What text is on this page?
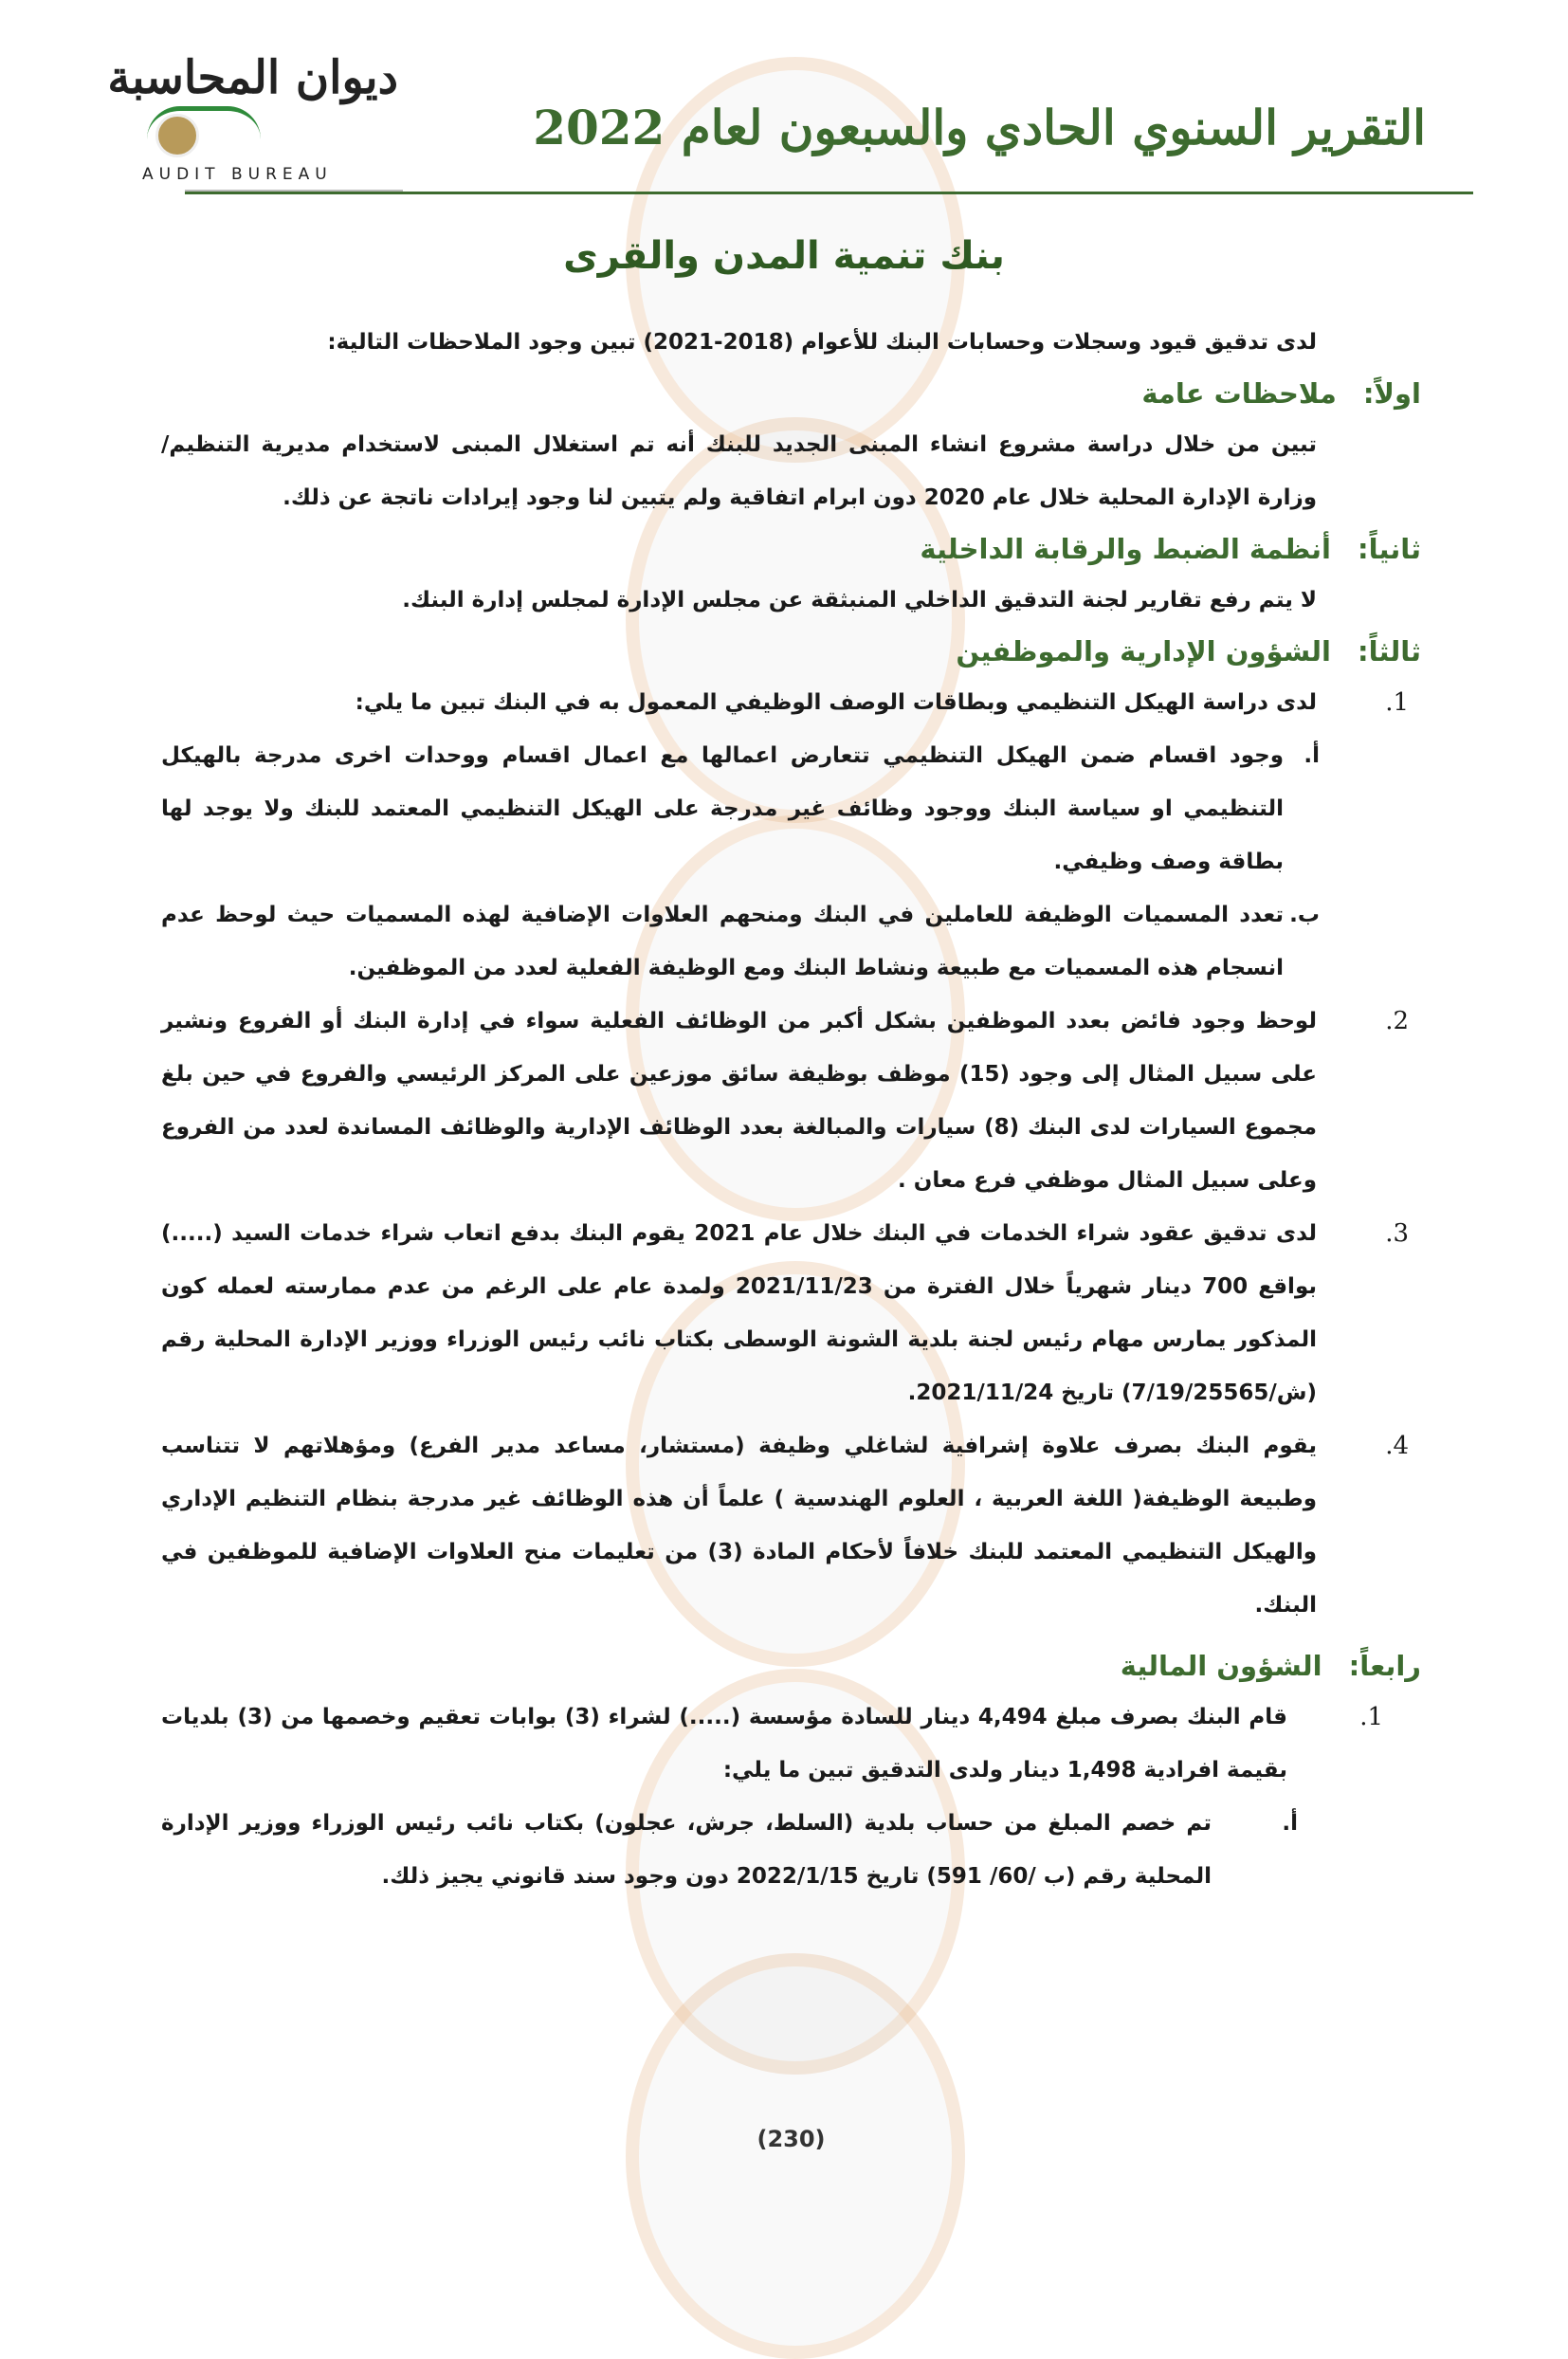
ديوان المحاسبة
AUDIT BUREAU
التقرير السنوي الحادي والسبعون لعام 2022
بنك تنمية المدن والقرى

لدى تدقيق قيود وسجلات وحسابات البنك للأعوام (2018-2021) تبين وجود الملاحظات التالية:

اولاً:ملاحظات عامة

تبين من خلال دراسة مشروع انشاء المبنى الجديد للبنك أنه تم استغلال المبنى لاستخدام مديرية التنظيم/ وزارة الإدارة المحلية خلال عام 2020 دون ابرام اتفاقية ولم يتبين لنا وجود إيرادات ناتجة عن ذلك.

ثانياً:أنظمة الضبط والرقابة الداخلية

لا يتم رفع تقارير لجنة التدقيق الداخلي المنبثقة عن مجلس الإدارة لمجلس إدارة البنك.

ثالثاً:الشؤون الإدارية والموظفين
1.

لدى دراسة الهيكل التنظيمي وبطاقات الوصف الوظيفي المعمول به في البنك تبين ما يلي:

أ.

وجود اقسام ضمن الهيكل التنظيمي تتعارض اعمالها مع اعمال اقسام ووحدات اخرى مدرجة بالهيكل التنظيمي او سياسة البنك ووجود وظائف غير مدرجة على الهيكل التنظيمي المعتمد للبنك ولا يوجد لها بطاقة وصف وظيفي.

ب.

تعدد المسميات الوظيفة للعاملين في البنك ومنحهم العلاوات الإضافية لهذه المسميات حيث لوحظ عدم انسجام هذه المسميات مع طبيعة ونشاط البنك ومع الوظيفة الفعلية لعدد من الموظفين.

2.

لوحظ وجود فائض بعدد الموظفين بشكل أكبر من الوظائف الفعلية سواء في إدارة البنك أو الفروع ونشير على سبيل المثال إلى وجود (15) موظف بوظيفة سائق موزعين على المركز الرئيسي والفروع في حين بلغ مجموع السيارات لدى البنك (8) سيارات والمبالغة بعدد الوظائف الإدارية والوظائف المساندة لعدد من الفروع وعلى سبيل المثال موظفي فرع معان .

3.

لدى تدقيق عقود شراء الخدمات في البنك خلال عام 2021 يقوم البنك بدفع اتعاب شراء خدمات السيد (.....) بواقع 700 دينار شهرياً خلال الفترة من 2021/11/23 ولمدة عام على الرغم من عدم ممارسته لعمله كون المذكور يمارس مهام رئيس لجنة بلدية الشونة الوسطى بكتاب نائب رئيس الوزراء ووزير الإدارة المحلية رقم (ش/7/19/25565) تاريخ 2021/11/24.

4.

يقوم البنك بصرف علاوة إشرافية لشاغلي وظيفة (مستشار، مساعد مدير الفرع) ومؤهلاتهم لا تتناسب وطبيعة الوظيفة( اللغة العربية ، العلوم الهندسية ) علماً أن هذه الوظائف غير مدرجة بنظام التنظيم الإداري والهيكل التنظيمي المعتمد للبنك خلافاً لأحكام المادة (3) من تعليمات منح العلاوات الإضافية للموظفين في البنك.

رابعاً:الشؤون المالية
1.

قام البنك بصرف مبلغ 4,494 دينار للسادة مؤسسة (.....) لشراء (3) بوابات تعقيم وخصمها من (3) بلديات بقيمة افرادية 1,498 دينار ولدى التدقيق تبين ما يلي:

أ.

تم خصم المبلغ من حساب بلدية (السلط، جرش، عجلون) بكتاب نائب رئيس الوزراء ووزير الإدارة المحلية رقم (ب /60/ 591) تاريخ 2022/1/15 دون وجود سند قانوني يجيز ذلك.

(230)
